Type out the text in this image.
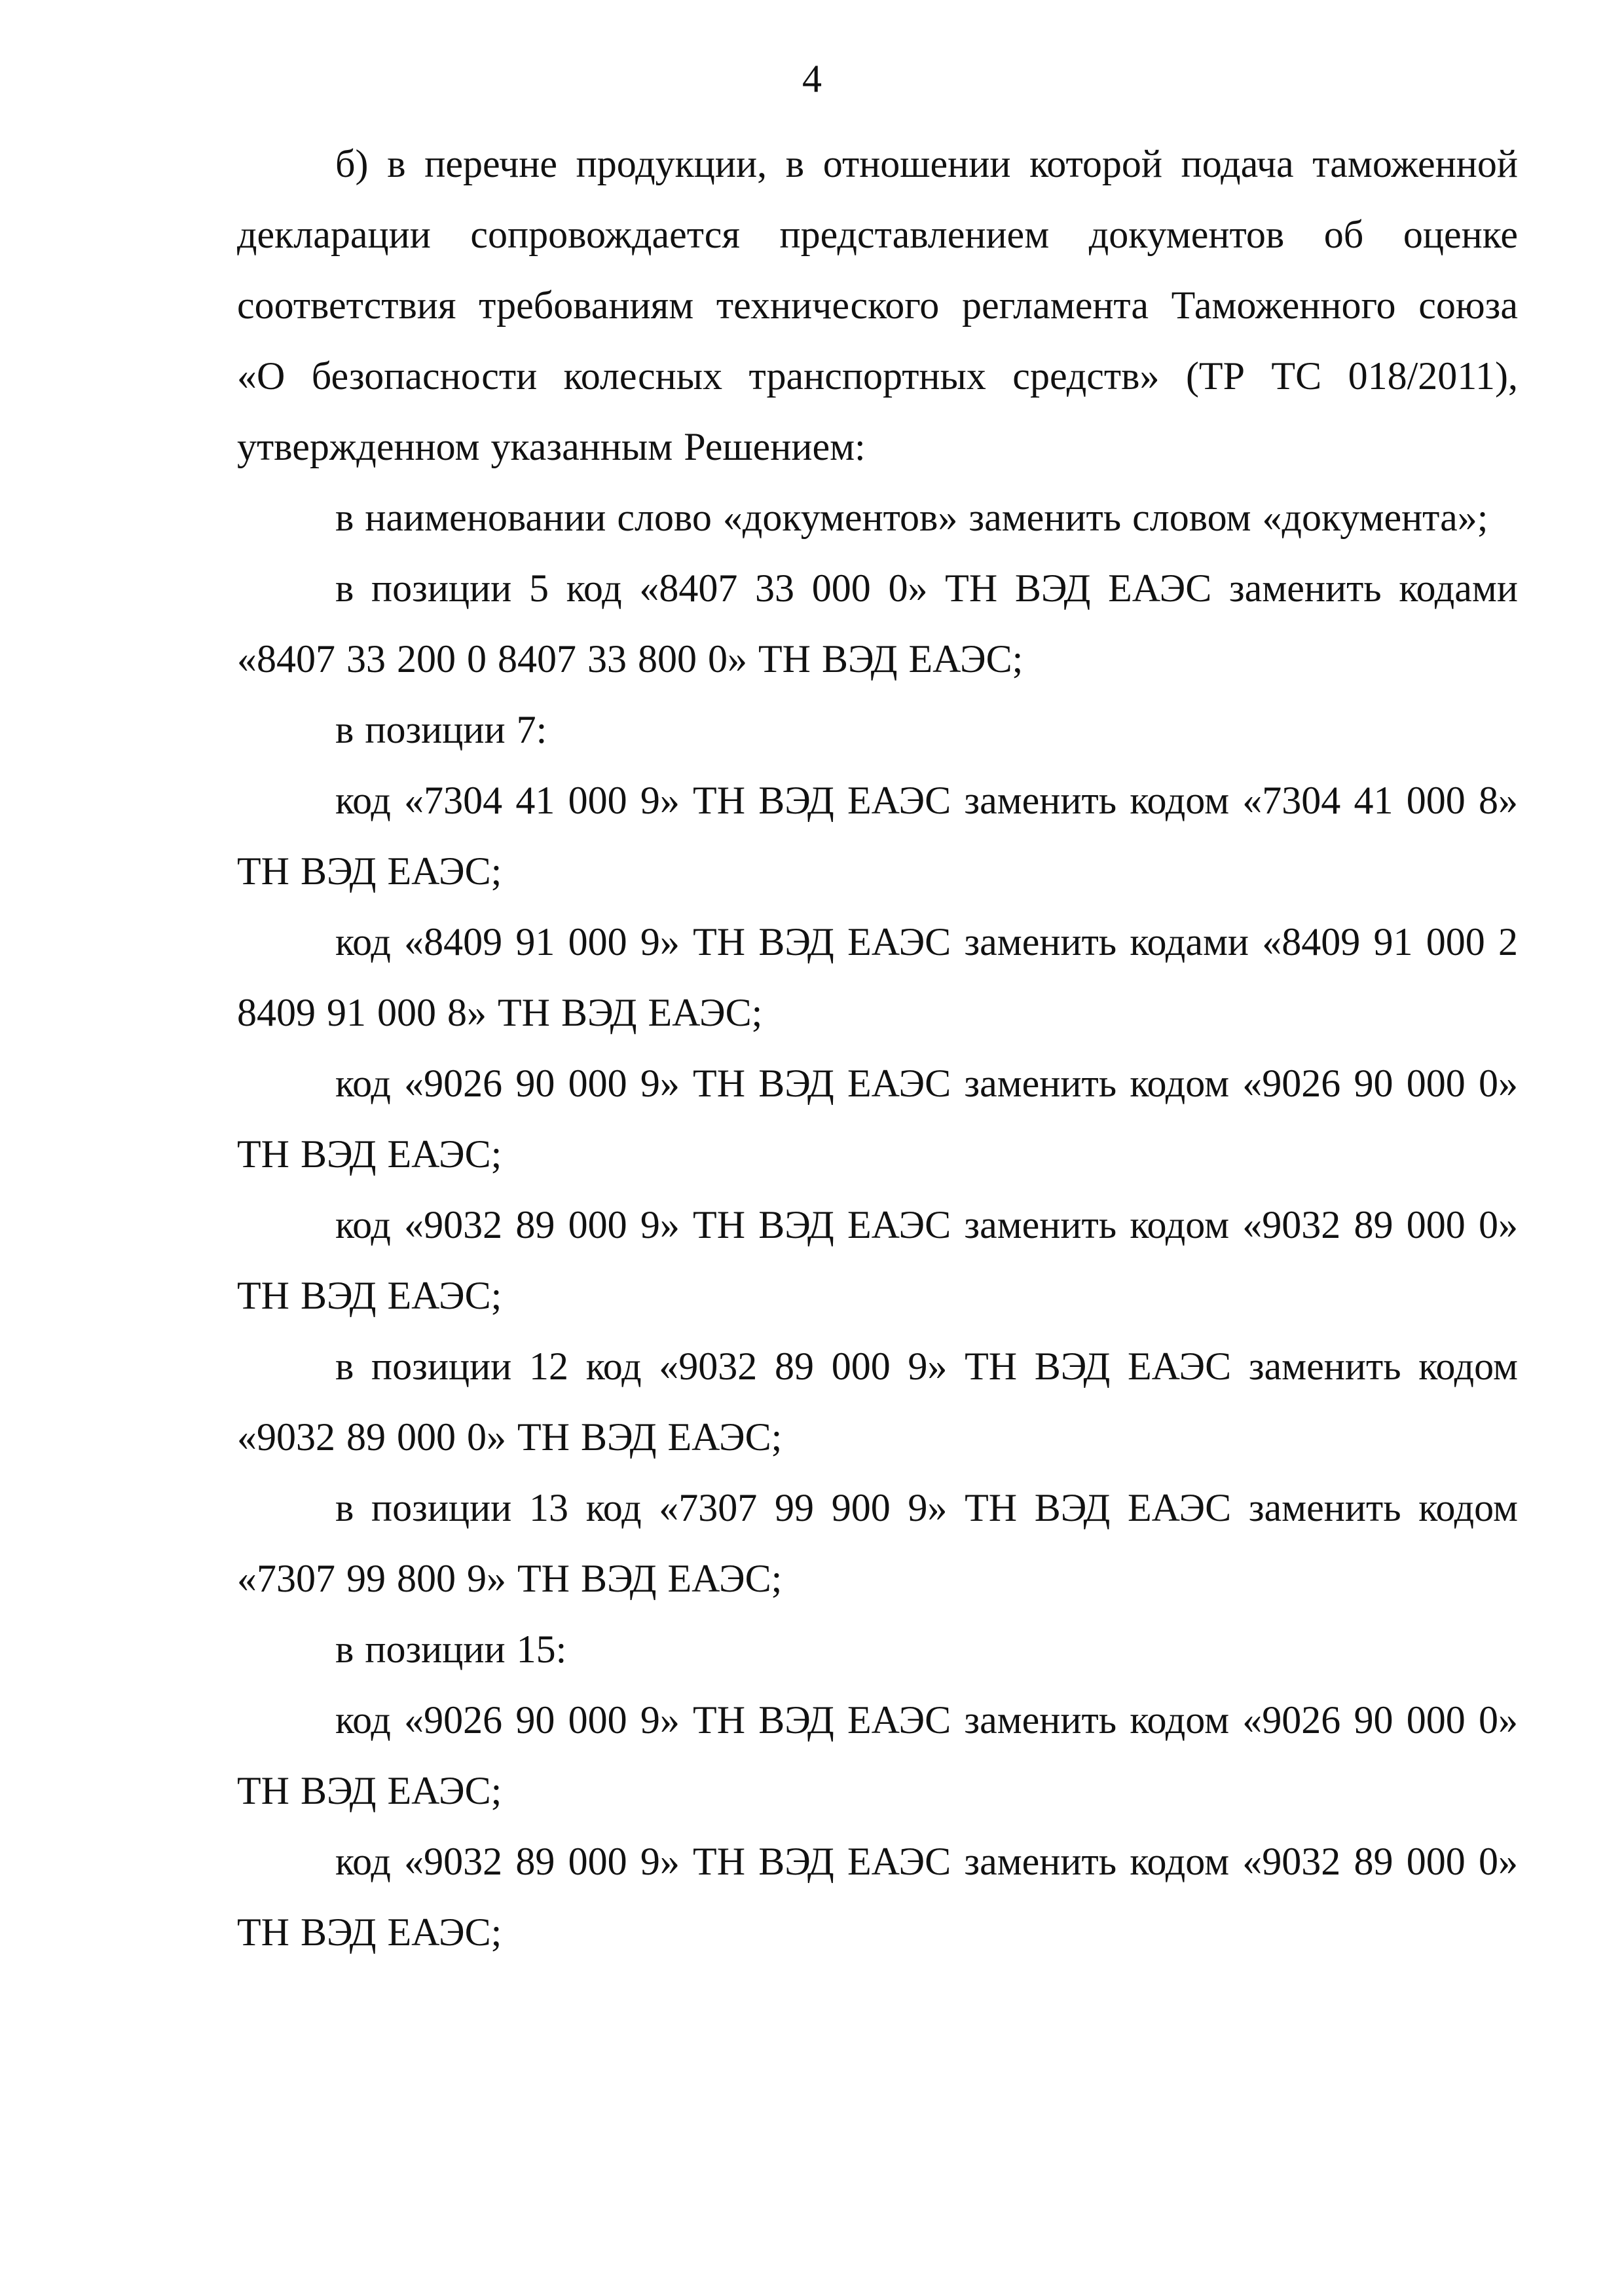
4

б) в перечне продукции, в отношении которой подача таможенной декларации сопровождается представлением документов об оценке соответствия требованиям технического регламента Таможенного союза «О безопасности колесных транспортных средств» (ТР ТС 018/2011), утвержденном указанным Решением:

в наименовании слово «документов» заменить словом «документа»;

в позиции 5 код «8407 33 000 0» ТН ВЭД ЕАЭС заменить кодами «8407 33 200 0 8407 33 800 0» ТН ВЭД ЕАЭС;

в позиции 7:

код «7304 41 000 9» ТН ВЭД ЕАЭС заменить кодом «7304 41 000 8» ТН ВЭД ЕАЭС;

код «8409 91 000 9» ТН ВЭД ЕАЭС заменить кодами «8409 91 000 2 8409 91 000 8» ТН ВЭД ЕАЭС;

код «9026 90 000 9» ТН ВЭД ЕАЭС заменить кодом «9026 90 000 0» ТН ВЭД ЕАЭС;

код «9032 89 000 9» ТН ВЭД ЕАЭС заменить кодом «9032 89 000 0» ТН ВЭД ЕАЭС;

в позиции 12 код «9032 89 000 9» ТН ВЭД ЕАЭС заменить кодом «9032 89 000 0» ТН ВЭД ЕАЭС;

в позиции 13 код «7307 99 900 9» ТН ВЭД ЕАЭС заменить кодом «7307 99 800 9» ТН ВЭД ЕАЭС;

в позиции 15:

код «9026 90 000 9» ТН ВЭД ЕАЭС заменить кодом «9026 90 000 0» ТН ВЭД ЕАЭС;

код «9032 89 000 9» ТН ВЭД ЕАЭС заменить кодом «9032 89 000 0» ТН ВЭД ЕАЭС;
